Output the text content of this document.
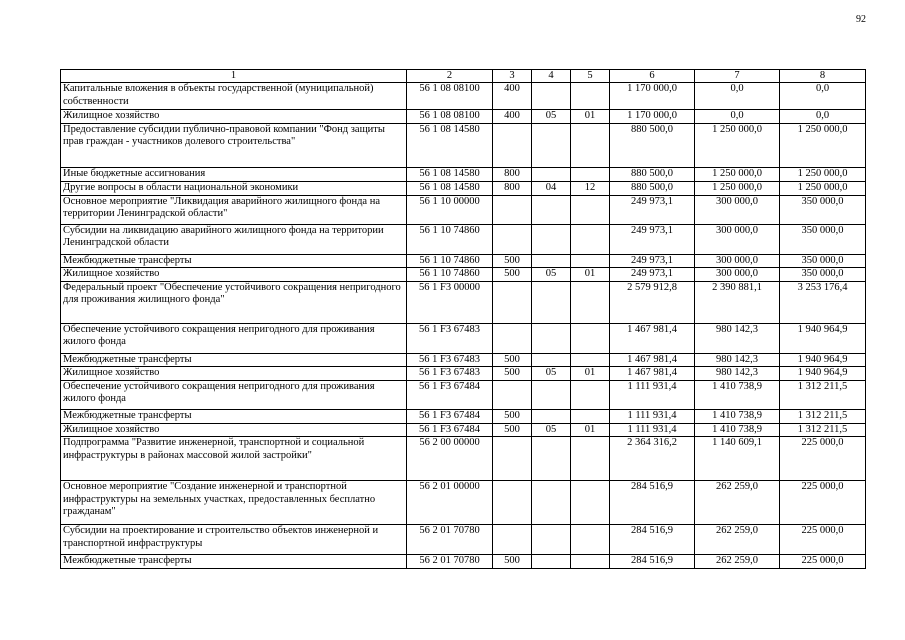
92
1	2	3	4	5	6	7	8
Капитальные вложения в объекты государственной (муниципальной) собственности	56 1 08 08100	400			1 170 000,0	0,0	0,0
Жилищное хозяйство	56 1 08 08100	400	05	01	1 170 000,0	0,0	0,0
Предоставление субсидии публично-правовой компании "Фонд защиты прав граждан - участников долевого строительства"	56 1 08 14580				880 500,0	1 250 000,0	1 250 000,0
Иные бюджетные ассигнования	56 1 08 14580	800			880 500,0	1 250 000,0	1 250 000,0
Другие вопросы в области национальной экономики	56 1 08 14580	800	04	12	880 500,0	1 250 000,0	1 250 000,0
Основное мероприятие "Ликвидация аварийного жилищного фонда на территории Ленинградской области"	56 1 10 00000				249 973,1	300 000,0	350 000,0
Субсидии на ликвидацию аварийного жилищного фонда на территории Ленинградской области	56 1 10 74860				249 973,1	300 000,0	350 000,0
Межбюджетные трансферты	56 1 10 74860	500			249 973,1	300 000,0	350 000,0
Жилищное хозяйство	56 1 10 74860	500	05	01	249 973,1	300 000,0	350 000,0
Федеральный проект "Обеспечение устойчивого сокращения непригодного для проживания жилищного фонда"	56 1 F3 00000				2 579 912,8	2 390 881,1	3 253 176,4
Обеспечение устойчивого сокращения непригодного для проживания жилого фонда	56 1 F3 67483				1 467 981,4	980 142,3	1 940 964,9
Межбюджетные трансферты	56 1 F3 67483	500			1 467 981,4	980 142,3	1 940 964,9
Жилищное хозяйство	56 1 F3 67483	500	05	01	1 467 981,4	980 142,3	1 940 964,9
Обеспечение устойчивого сокращения непригодного для проживания жилого фонда	56 1 F3 67484				1 111 931,4	1 410 738,9	1 312 211,5
Межбюджетные трансферты	56 1 F3 67484	500			1 111 931,4	1 410 738,9	1 312 211,5
Жилищное хозяйство	56 1 F3 67484	500	05	01	1 111 931,4	1 410 738,9	1 312 211,5
Подпрограмма "Развитие инженерной, транспортной и социальной инфраструктуры в районах массовой жилой застройки"	56 2 00 00000				2 364 316,2	1 140 609,1	225 000,0
Основное мероприятие "Создание инженерной и транспортной инфраструктуры на земельных участках, предоставленных бесплатно гражданам"	56 2 01 00000				284 516,9	262 259,0	225 000,0
Субсидии на проектирование и строительство объектов инженерной и транспортной инфраструктуры	56 2 01 70780				284 516,9	262 259,0	225 000,0
Межбюджетные трансферты	56 2 01 70780	500			284 516,9	262 259,0	225 000,0
